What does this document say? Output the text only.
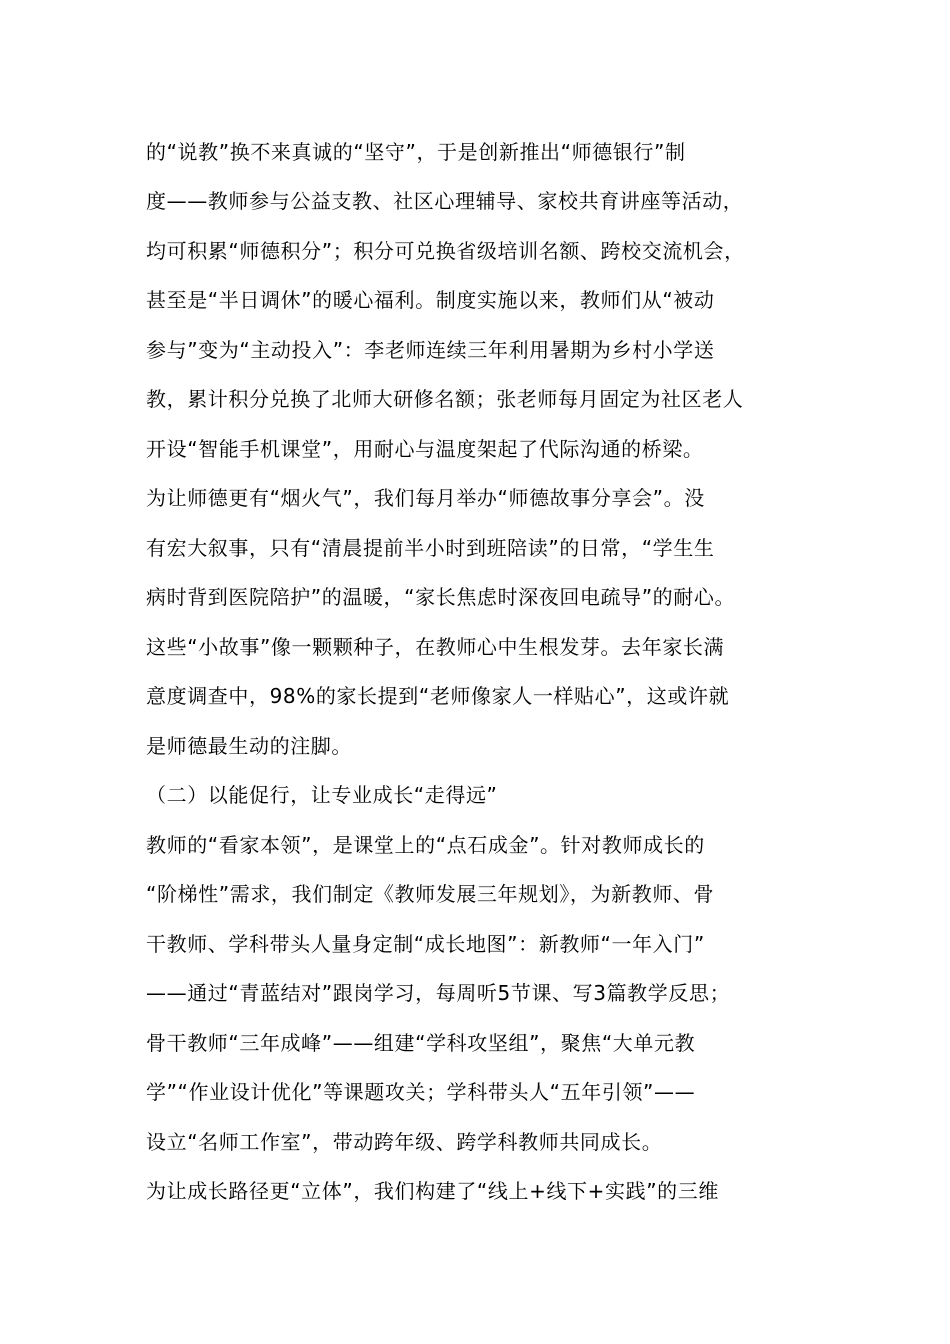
的“说教”换不来真诚的“坚守”，于是创新推出“师德银行”制
度——教师参与公益支教、社区心理辅导、家校共育讲座等活动，
均可积累“师德积分”；积分可兑换省级培训名额、跨校交流机会，
甚至是“半日调休”的暖心福利。制度实施以来，教师们从“被动
参与”变为“主动投入”：李老师连续三年利用暑期为乡村小学送
教，累计积分兑换了北师大研修名额；张老师每月固定为社区老人
开设“智能手机课堂”，用耐心与温度架起了代际沟通的桥梁。
为让师德更有“烟火气”，我们每月举办“师德故事分享会”。没
有宏大叙事，只有“清晨提前半小时到班陪读”的日常，“学生生
病时背到医院陪护”的温暖，“家长焦虑时深夜回电疏导”的耐心。
这些“小故事”像一颗颗种子，在教师心中生根发芽。去年家长满
意度调查中，98%的家长提到“老师像家人一样贴心”，这或许就
是师德最生动的注脚。
（二）以能促行，让专业成长“走得远”
教师的“看家本领”，是课堂上的“点石成金”。针对教师成长的
“阶梯性”需求，我们制定《教师发展三年规划》，为新教师、骨
干教师、学科带头人量身定制“成长地图”：新教师“一年入门”
——通过“青蓝结对”跟岗学习，每周听5节课、写3篇教学反思；
骨干教师“三年成峰”——组建“学科攻坚组”，聚焦“大单元教
学”“作业设计优化”等课题攻关；学科带头人“五年引领”——
设立“名师工作室”，带动跨年级、跨学科教师共同成长。
为让成长路径更“立体”，我们构建了“线上+线下+实践”的三维
